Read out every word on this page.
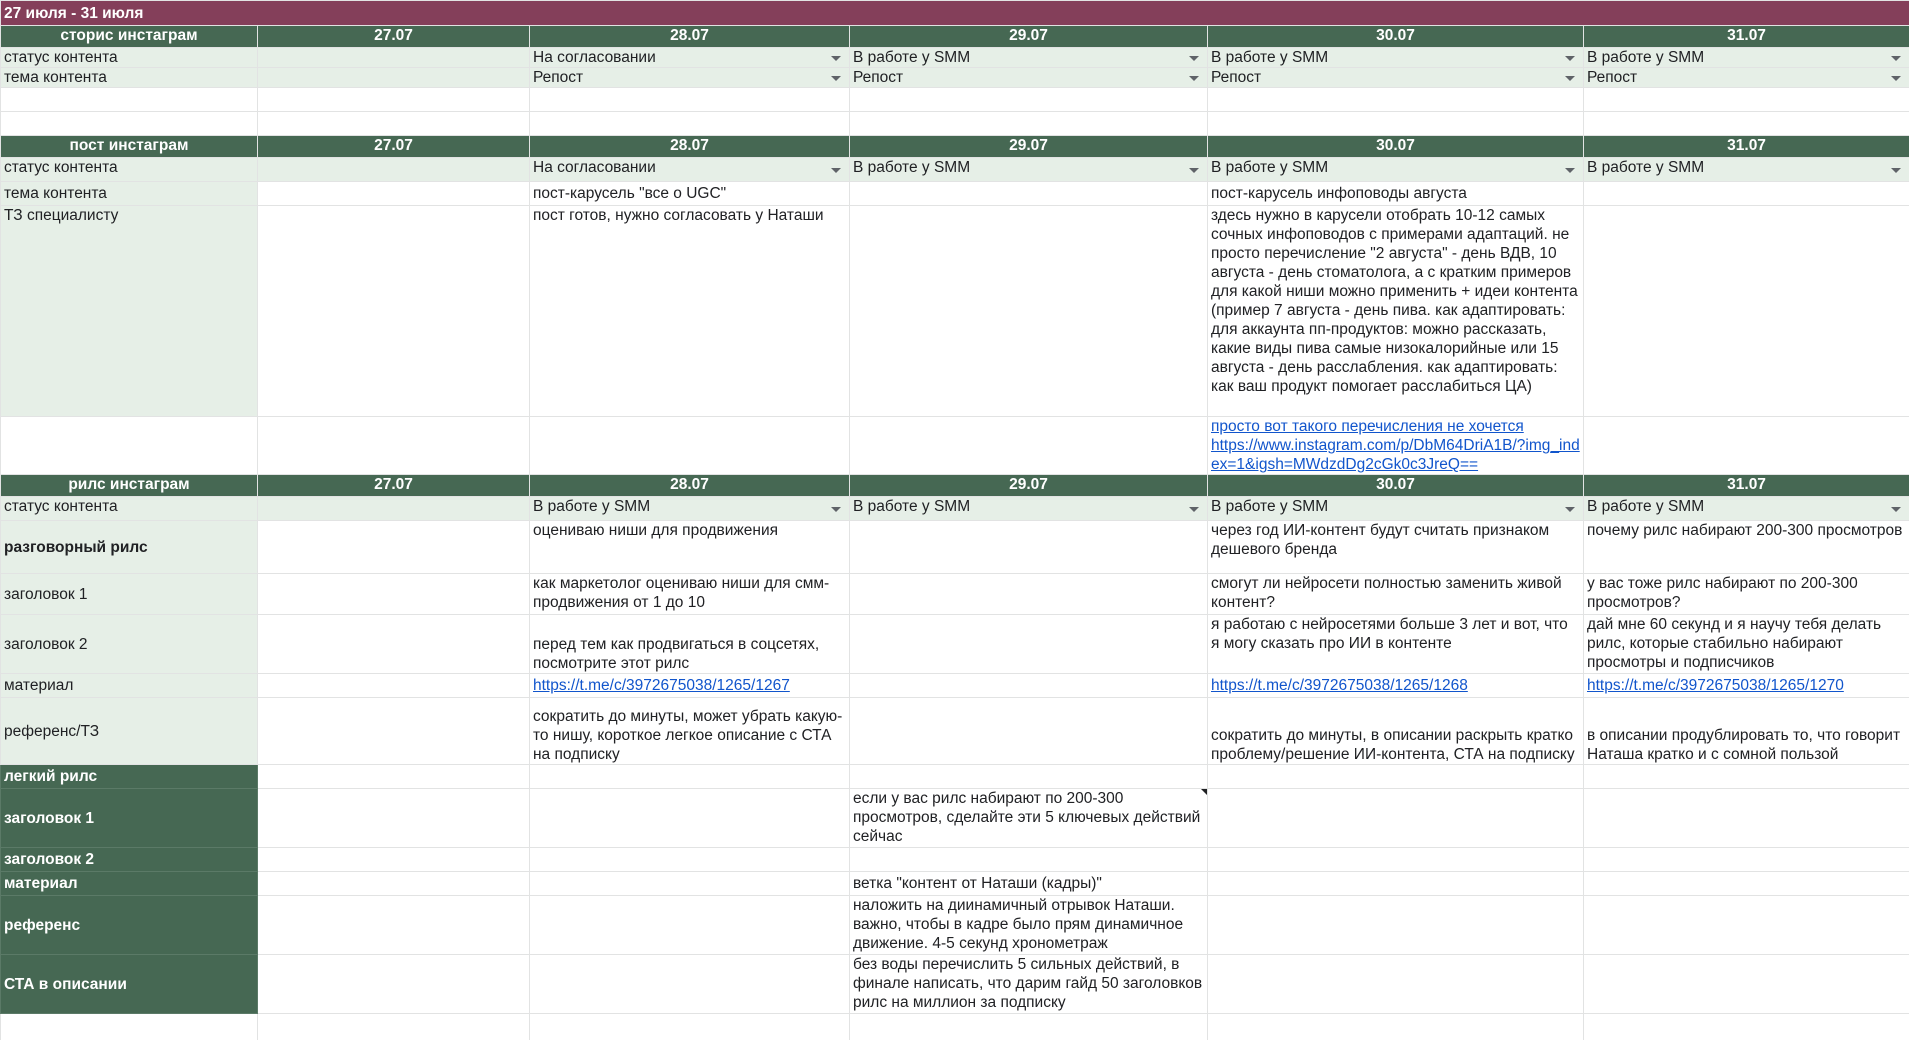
27 июля - 31 июля					
сторис инстаграм	27.07	28.07	29.07	30.07	31.07
статус контента		На согласовании	В работе у SMM	В работе у SMM	В работе у SMM

тема контента		Репост	Репост	Репост	Репост

пост инстаграм	27.07	28.07	29.07	30.07	31.07
статус контента		На согласовании	В работе у SMM	В работе у SMM	В работе у SMM

тема контента		пост-карусель "все о UGC"		пост-карусель инфоповоды августа	
ТЗ специалисту		пост готов, нужно согласовать у Наташи		здесь нужно в карусели отобрать 10-12 самых сочных инфоповодов с примерами адаптаций. не просто перечисление "2 августа" - день ВДВ, 10 августа - день стоматолога, а с кратким примеров для какой ниши можно применить + идеи контента (пример 7 августа - день пива. как адаптировать: для аккаунта пп-продуктов: можно рассказать, какие виды пива самые низокалорийные или 15 августа - день расслабления. как адаптировать: как ваш продукт помогает расслабиться ЦА)	
				просто вот такого перечисления не хочется
https://www.instagram.com/p/DbM64DriA1B/?img_index=1&igsh=MWdzdDg2cGk0c3JreQ==	

рилс инстаграм	27.07	28.07	29.07	30.07	31.07
статус контента		В работе у SMM	В работе у SMM	В работе у SMM	В работе у SMM

разговорный рилс		оцениваю ниши для продвижения		через год ИИ-контент будут считать признаком дешевого бренда	почему рилс набирают 200-300 просмотров
заголовок 1		как маркетолог оцениваю ниши для смм-продвижения от 1 до 10		смогут ли нейросети полностью заменить живой контент?	у вас тоже рилс набирают по 200-300 просмотров?
заголовок 2		перед тем как продвигаться в соцсетях, посмотрите этот рилс		я работаю с нейросетями больше 3 лет и вот, что я могу сказать про ИИ в контенте	дай мне 60 секунд и я научу тебя делать рилс, которые стабильно набирают просмотры и подписчиков
материал		https://t.me/c/3972675038/1265/1267		https://t.me/c/3972675038/1265/1268	https://t.me/c/3972675038/1265/1270
референс/ТЗ		сократить до минуты, может убрать какую-то нишу, короткое легкое описание с СТА на подписку		сократить до минуты, в описании раскрыть кратко проблему/решение ИИ-контента, СТА на подписку	в описании продублировать то, что говорит Наташа кратко и с сомной пользой
легкий рилс					
заголовок 1			если у вас рилс набирают по 200-300 просмотров, сделайте эти 5 ключевых действий сейчас

заголовок 2					
материал			ветка "контент от Наташи (кадры)"		
референс			наложить на диинамичный отрывок Наташи. важно, чтобы в кадре было прям динамичное движение. 4-5 секунд хронометраж		
СТА в описании			без воды перечислить 5 сильных действий, в финале написать, что дарим гайд 50 заголовков рилс на миллион за подписку		
